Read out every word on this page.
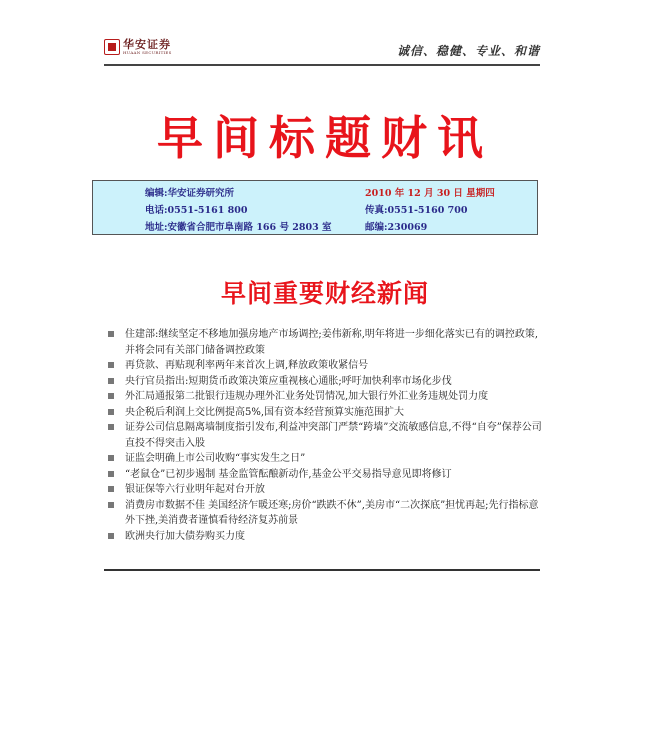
华安证券
HUAAN SECURITIES	诚信、稳健、专业、和谐
早间标题财讯
编辑:华安证券研究所	2010 年 12 月 30 日 星期四
电话:0551-5161 800	传真:0551-5160 700
地址:安徽省合肥市阜南路 166 号 2803 室	邮编:230069
早间重要财经新闻
住建部:继续坚定不移地加强房地产市场调控;姜伟新称,明年将进一步细化落实已有的调控政策,并将会同有关部门储备调控政策
再贷款、再贴现利率两年来首次上调,释放政策收紧信号
央行官员指出:短期货币政策决策应重视核心通胀;呼吁加快利率市场化步伐
外汇局通报第二批银行违规办理外汇业务处罚情况,加大银行外汇业务违规处罚力度
央企税后利润上交比例提高5%,国有资本经营预算实施范围扩大
证券公司信息隔离墙制度指引发布,利益冲突部门严禁“跨墙”交流敏感信息,不得“自夸”保荐公司 直投不得突击入股
证监会明确上市公司收购“事实发生之日”
“老鼠仓”已初步遏制 基金监管酝酿新动作,基金公平交易指导意见即将修订
银证保等六行业明年起对台开放
消费房市数据不佳 美国经济乍暖还寒;房价“跌跌不休”,美房市“二次探底”担忧再起;先行指标意外下挫,美消费者谨慎看待经济复苏前景
欧洲央行加大债券购买力度
